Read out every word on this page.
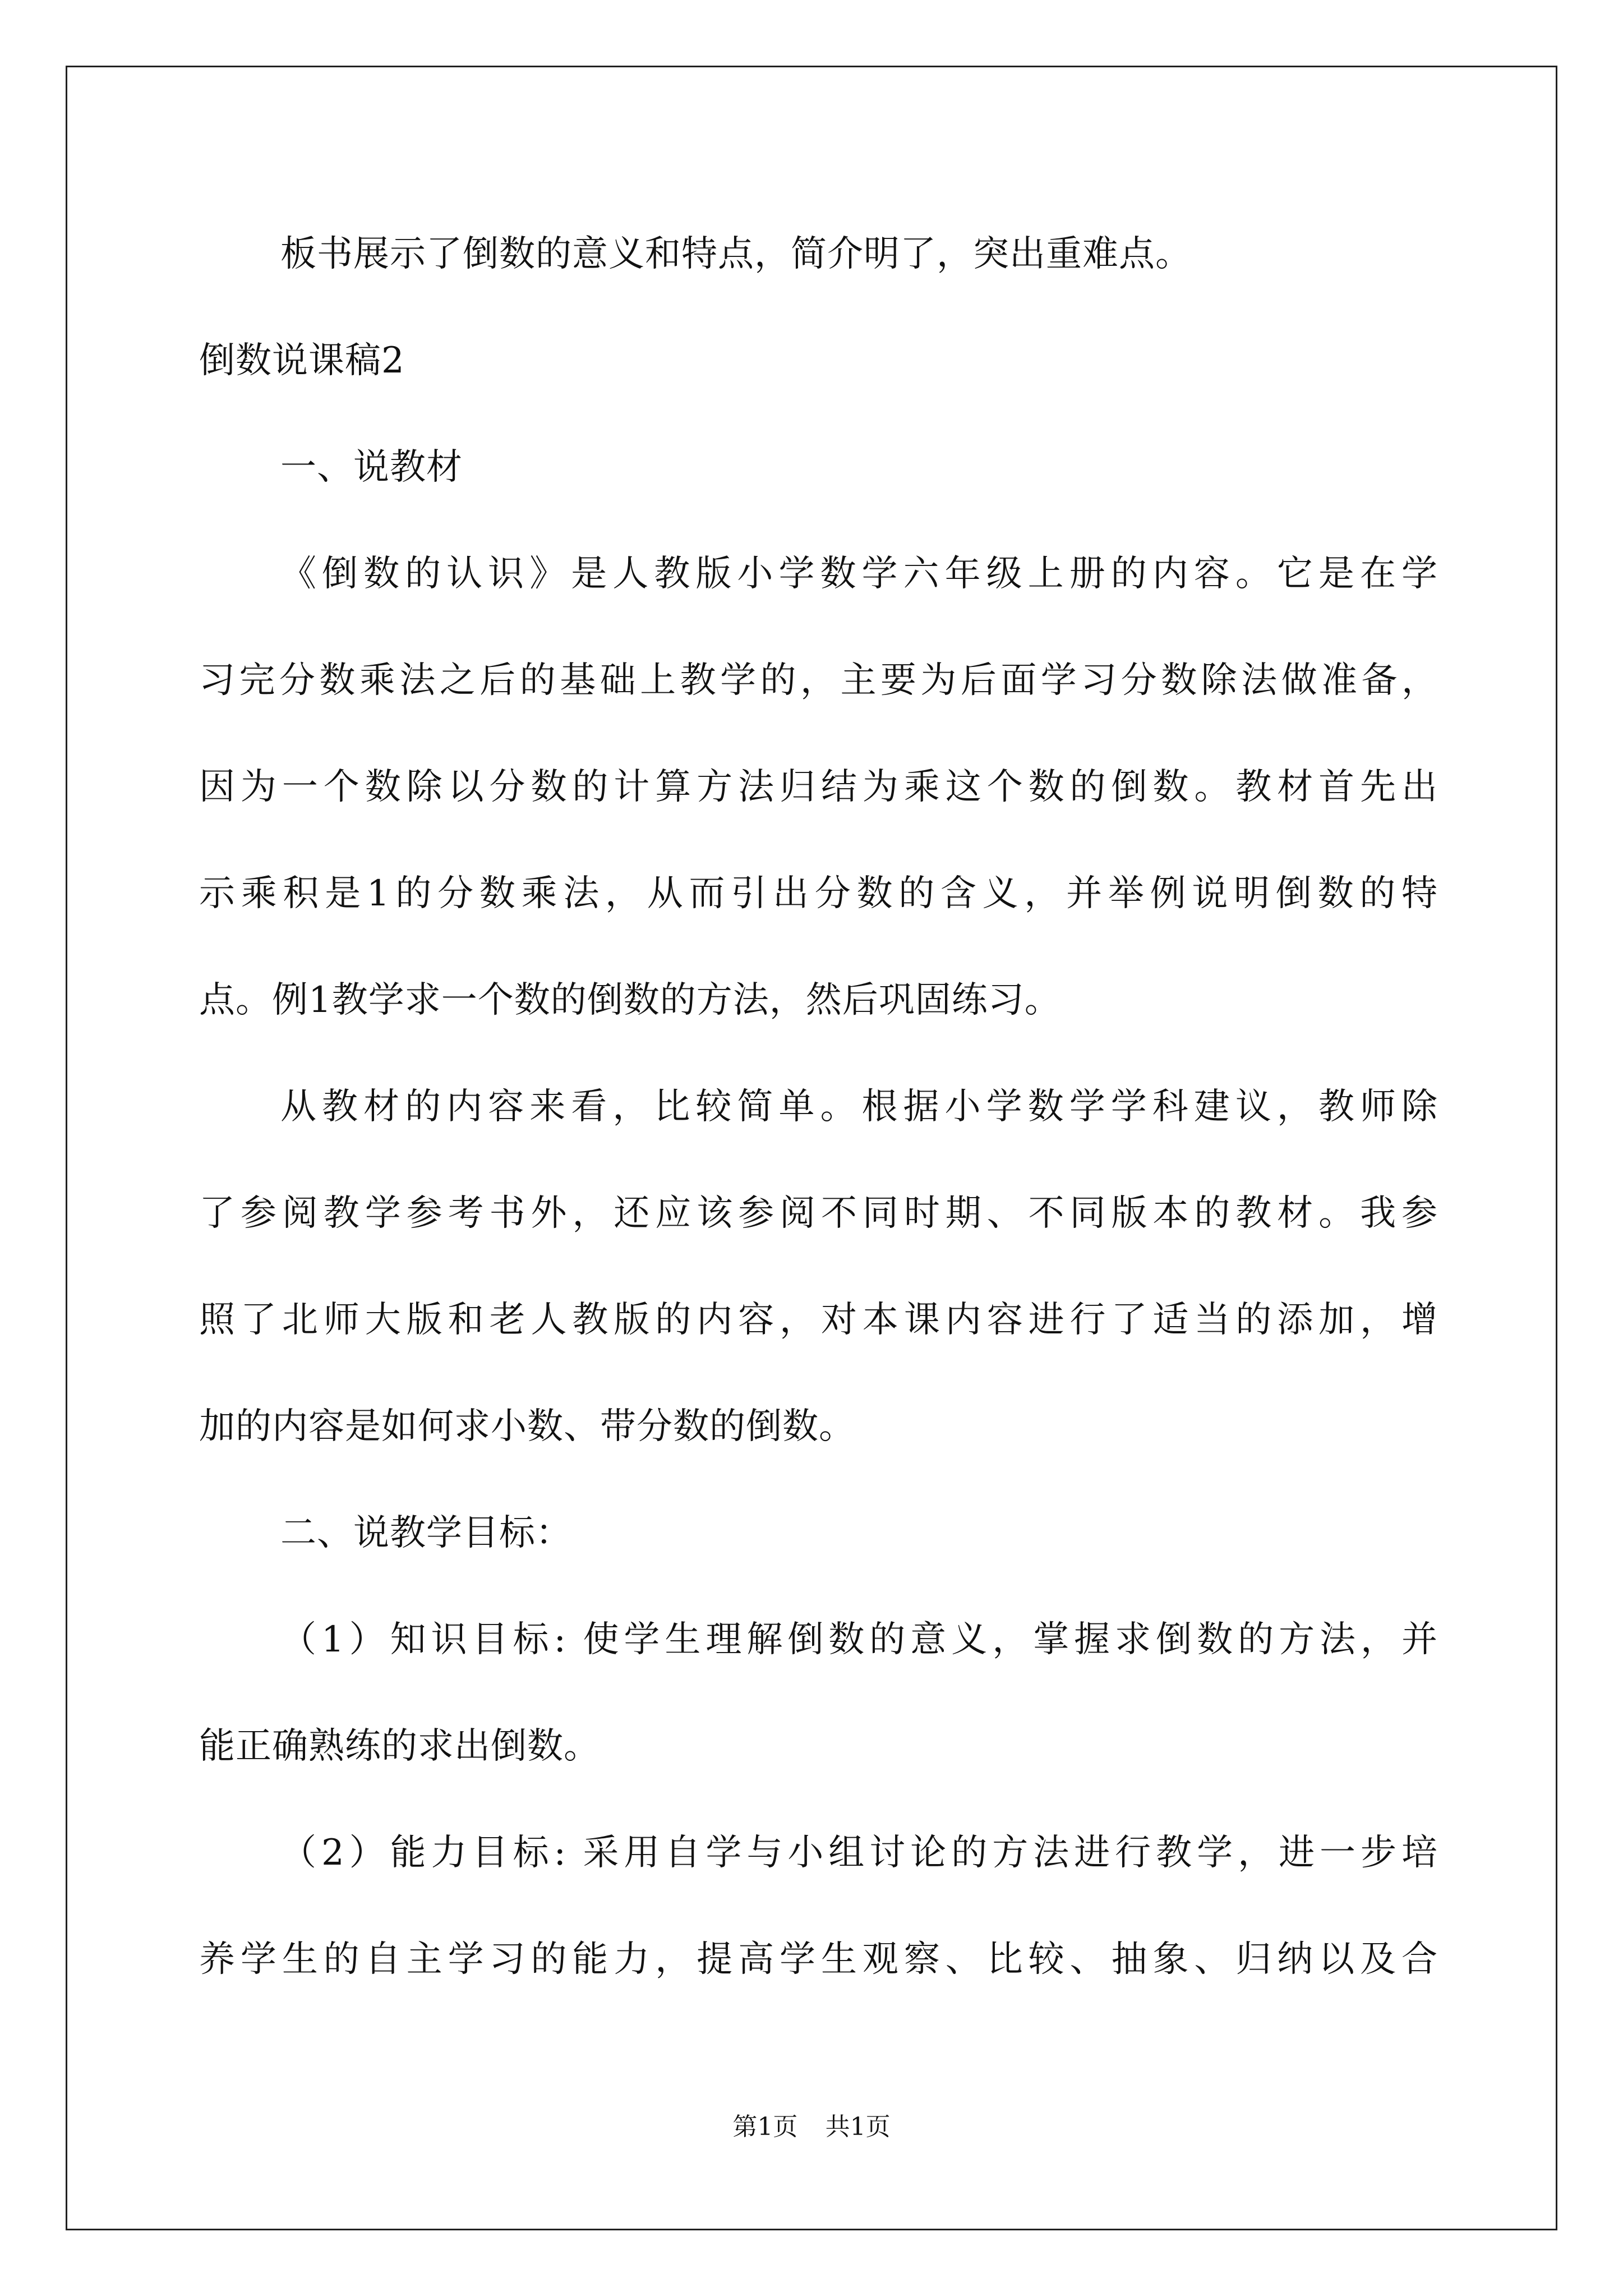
板书展示了倒数的意义和特点，简介明了，突出重难点。
倒数说课稿2
一、说教材
《倒数的认识》是人教版小学数学六年级上册的内容。它是在学
习完分数乘法之后的基础上教学的，主要为后面学习分数除法做准备，
因为一个数除以分数的计算方法归结为乘这个数的倒数。教材首先出
示乘积是1的分数乘法，从而引出分数的含义，并举例说明倒数的特
点。例1教学求一个数的倒数的方法，然后巩固练习。
从教材的内容来看，比较简单。根据小学数学学科建议，教师除
了参阅教学参考书外，还应该参阅不同时期、不同版本的教材。我参
照了北师大版和老人教版的内容，对本课内容进行了适当的添加，增
加的内容是如何求小数、带分数的倒数。
二、说教学目标：
（1）知识目标: 使学生理解倒数的意义，掌握求倒数的方法，并
能正确熟练的求出倒数。
（2）能力目标: 采用自学与小组讨论的方法进行教学，进一步培
养学生的自主学习的能力，提高学生观察、比较、抽象、归纳以及合
第1页 共1页
